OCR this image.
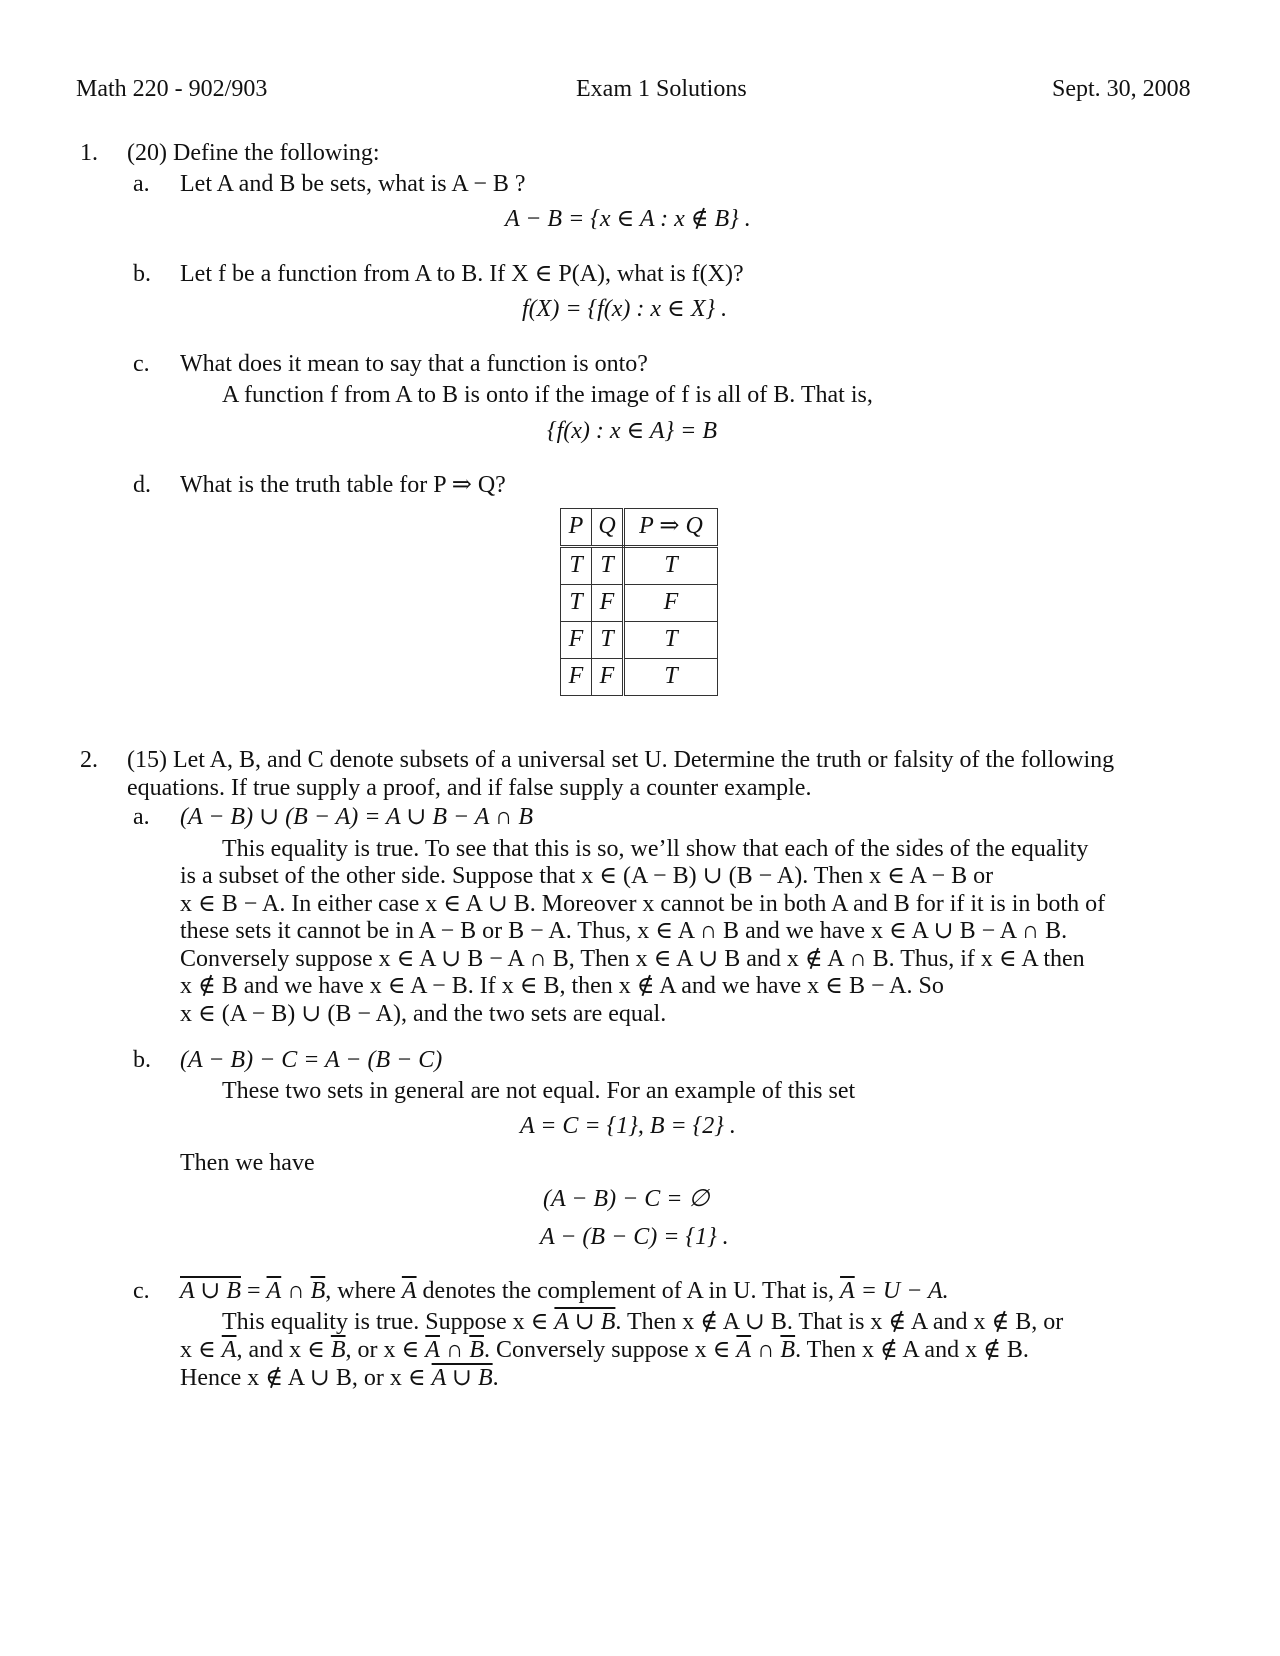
Math 220 - 902/903	Exam 1 Solutions	Sept. 30, 2008
1. (20) Define the following:
a. Let A and B be sets, what is A − B ?
A − B = {x ∈ A : x ∉ B} .
b. Let f be a function from A to B. If X ∈ P(A), what is f(X)?
f(X) = {f(x) : x ∈ X} .
c. What does it mean to say that a function is onto?
A function f from A to B is onto if the image of f is all of B. That is,
{f(x) : x ∈ A} = B
d. What is the truth table for P ⇒ Q?
P	Q	P ⇒ Q
T	T	T
T	F	F
F	T	T
F	F	T
2. (15) Let A, B, and C denote subsets of a universal set U. Determine the truth or falsity of the following
equations. If true supply a proof, and if false supply a counter example.
a. (A − B) ∪ (B − A) = A ∪ B − A ∩ B
This equality is true. To see that this is so, we’ll show that each of the sides of the equality
is a subset of the other side. Suppose that x ∈ (A − B) ∪ (B − A). Then x ∈ A − B or
x ∈ B − A. In either case x ∈ A ∪ B. Moreover x cannot be in both A and B for if it is in both of
these sets it cannot be in A − B or B − A. Thus, x ∈ A ∩ B and we have x ∈ A ∪ B − A ∩ B.
Conversely suppose x ∈ A ∪ B − A ∩ B, Then x ∈ A ∪ B and x ∉ A ∩ B. Thus, if x ∈ A then
x ∉ B and we have x ∈ A − B. If x ∈ B, then x ∉ A and we have x ∈ B − A. So
x ∈ (A − B) ∪ (B − A), and the two sets are equal.
b. (A − B) − C = A − (B − C)
These two sets in general are not equal. For an example of this set
A = C = {1}, B = {2} .
Then we have
(A − B) − C = ∅
A − (B − C) = {1} .
c. A ∪ $B = \overline{A}$ ∩ $\overline{B}$, where $\overline{A}$ denotes the complement of A in U. That is, $\overline{A} = U - A$.
This equality is true. Suppose x ∈ A ∪ B. Then x ∉ A ∪ B. That is x ∉ A and x ∉ B, or
x ∈ $\overline{A}$, and x ∈ $\overline{B}$, or x ∈ $\overline{A}$ ∩ $\overline{B}$. Conversely suppose x ∈ $\overline{A}$ ∩ $\overline{B}$. Then x ∉ A and x ∉ B.
Hence x ∉ A ∪ B, or x ∈ A ∪ B.
